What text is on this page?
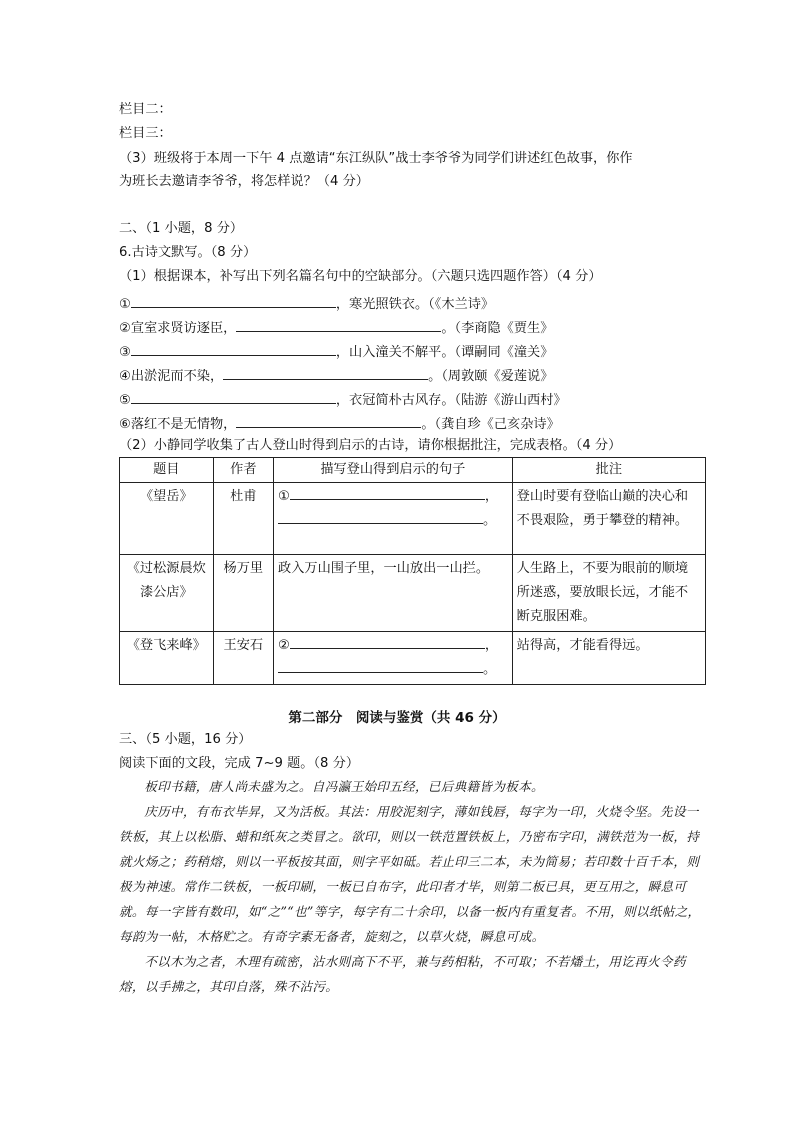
栏目二：
栏目三：
（3）班级将于本周一下午 4 点邀请“东江纵队”战士李爷爷为同学们讲述红色故事，你作
为班长去邀请李爷爷，将怎样说？（4 分）
二、（1 小题，8 分）
6.古诗文默写。（8 分）
（1）根据课本，补写出下列名篇名句中的空缺部分。（六题只选四题作答）（4 分）
①	，寒光照铁衣。（《木兰诗》
②宣室求贤访逐臣，	。（李商隐《贾生》
③	，山入潼关不解平。（谭嗣同《潼关》
④出淤泥而不染，	。（周敦颐《爱莲说》
⑤	，衣冠简朴古风存。（陆游《游山西村》
⑥落红不是无情物，	。（龚自珍《己亥杂诗》
（2）小静同学收集了古人登山时得到启示的古诗，请你根据批注，完成表格。（4 分）
题目	作者	描写登山得到启示的句子	批注
《望岳》	杜甫	① ，
。	登山时要有登临山巅的决心和不畏艰险，勇于攀登的精神。
《过松源晨炊漆公店》	杨万里	政入万山围子里，一山放出一山拦。	人生路上，不要为眼前的顺境所迷惑，要放眼长远，才能不断克服困难。
《登飞来峰》	王安石	② ，
。	站得高，才能看得远。
第二部分　阅读与鉴赏（共 46 分）
三、（5 小题，16 分）
阅读下面的文段，完成 7~9 题。（8 分）

板印书籍，唐人尚未盛为之。自冯瀛王始印五经，已后典籍皆为板本。

庆历中，有布衣毕昇，又为活板。其法：用胶泥刻字，薄如钱唇，每字为一印，火烧令坚。先设一铁板，其上以松脂、蜡和纸灰之类冒之。欲印，则以一铁范置铁板上，乃密布字印，满铁范为一板，持就火炀之；药稍熔，则以一平板按其面，则字平如砥。若止印三二本，未为简易；若印数十百千本，则极为神速。常作二铁板，一板印刷，一板已自布字，此印者才毕，则第二板已具，更互用之，瞬息可就。每一字皆有数印，如“之”“也”等字，每字有二十余印，以备一板内有重复者。不用，则以纸帖之，每韵为一帖，木格贮之。有奇字素无备者，旋刻之，以草火烧，瞬息可成。

不以木为之者，木理有疏密，沾水则高下不平，兼与药相粘，不可取；不若燔土，用讫再火令药熔，以手拂之，其印自落，殊不沾污。
